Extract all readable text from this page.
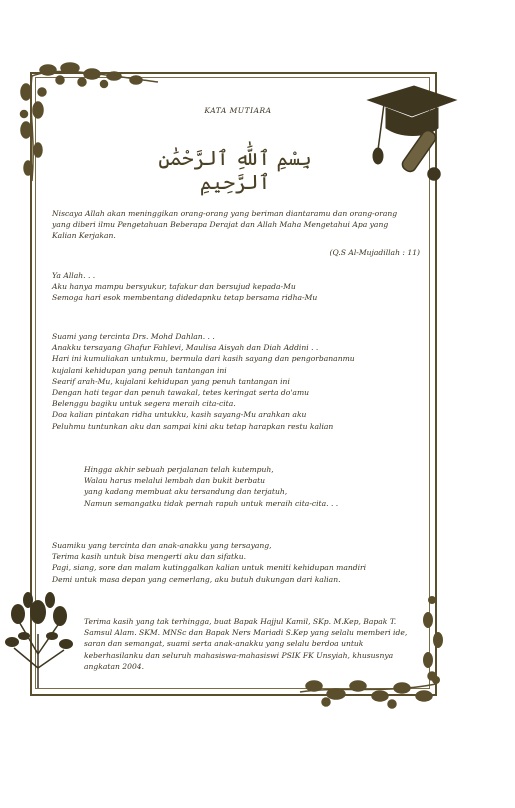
KATA MUTIARA
بِسْمِ ٱللَّٰهِ ٱلرَّحْمَٰنِ ٱلرَّحِيمِ
Niscaya Allah akan meninggikan orang-orang yang beriman diantaramu dan orang-orang
yang diberi ilmu Pengetahuan Beberapa Derajat dan Allah Maha Mengetahui Apa yang
Kalian Kerjakan.
(Q.S Al-Mujadillah : 11)
Ya Allah. . .
Aku hanya mampu bersyukur, tafakur dan bersujud kepada-Mu
Semoga hari esok membentang didedapnku tetap bersama ridha-Mu
Suami yang tercinta Drs. Mohd Dahlan. . .
Anakku tersayang Ghafur Fahlevi, Maulisa Aisyah dan Diah Addini . .
Hari ini kumuliakan untukmu, bermula dari kasih sayang dan pengorbananmu
kujalani kehidupan yang penuh tantangan ini
Searif arah-Mu, kujalani kehidupan yang penuh tantangan ini
Dengan hati tegar dan penuh tawakal, tetes keringat serta do'amu
Belenggu bagiku untuk segera meraih cita-cita.
Doa kalian pintakan ridha untukku, kasih sayang-Mu arahkan aku
Peluhmu tuntunkan aku dan sampai kini aku tetap harapkan restu kalian
Hingga akhir sebuah perjalanan telah kutempuh,
Walau harus melalui lembah dan bukit berbatu
yang kadang membuat aku tersandung dan terjatuh,
Namun semangatku tidak pernah rapuh untuk meraih cita-cita. . .
Suamiku yang tercinta dan anak-anakku yang tersayang,
Terima kasih untuk bisa mengerti aku dan sifatku.
Pagi, siang, sore dan malam kutinggalkan kalian untuk meniti kehidupan mandiri
Demi untuk masa depan yang cemerlang, aku butuh dukungan dari kalian.
Terima kasih yang tak terhingga, buat Bapak Hajjul Kamil, SKp. M.Kep, Bapak T. Samsul Alam. SKM. MNSc dan Bapak Ners Mariadi S.Kep yang selalu memberi ide, saran dan semangat, suami serta anak-anakku yang selalu berdoa untuk keberhasilanku dan seluruh mahasiswa-mahasiswi PSIK FK Unsyiah, khususnya angkatan 2004.
